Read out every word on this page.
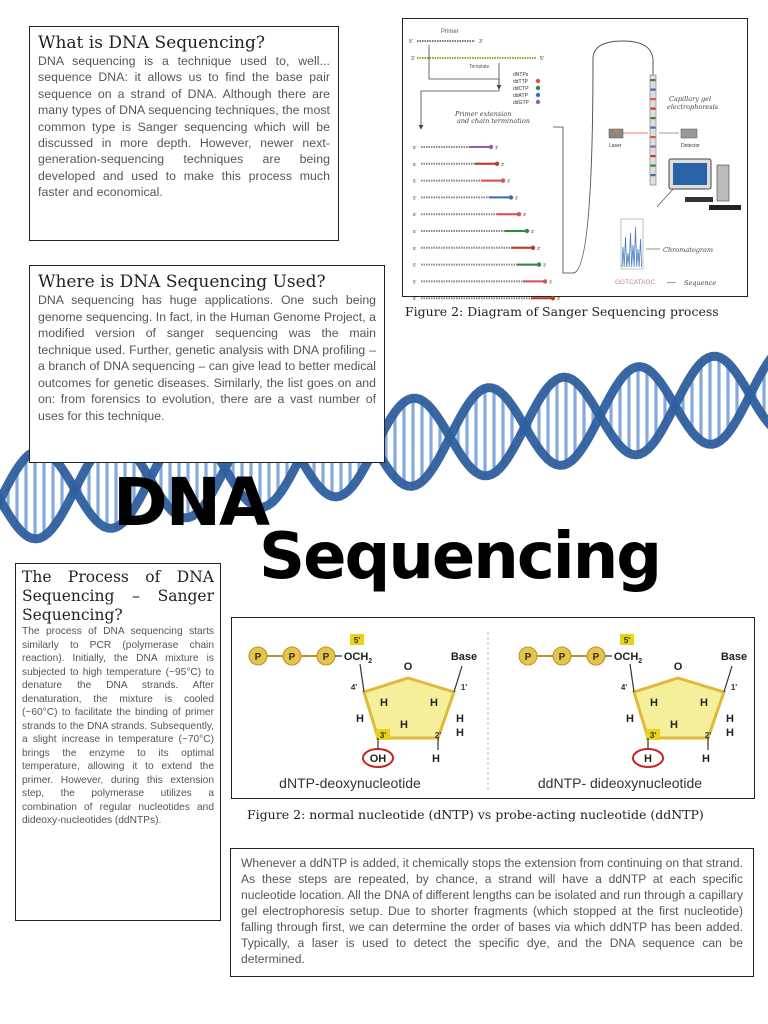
DNA
Sequencing
What is DNA Sequencing?

DNA sequencing is a technique used to, well... sequence DNA: it allows us to find the base pair sequence on a strand of DNA. Although there are many types of DNA sequencing techniques, the most common type is Sanger sequencing which will be discussed in more depth. However, newer next-generation-sequencing techniques are being developed and used to make this process much faster and economical.

Where is DNA Sequencing Used?

DNA sequencing has huge applications. One such being genome sequencing. In fact, in the Human Genome Project, a modified version of sanger sequencing was the main technique used. Further, genetic analysis with DNA profiling – a branch of DNA sequencing – can give lead to better medical outcomes for genetic diseases. Similarly, the list goes on and on: from forensics to evolution, there are a vast number of uses for this technique.

The Process of DNA Sequencing – Sanger Sequencing?

The process of DNA sequencing starts similarly to PCR (polymerase chain reaction). Initially, the DNA mixture is subjected to high temperature (~95°C) to denature the DNA strands. After denaturation, the mixture is cooled (~60°C) to facilitate the binding of primer strands to the DNA strands. Subsequently, a slight increase in temperature (~70°C) brings the enzyme to its optimal temperature, allowing it to extend the primer. However, during this extension step, the polymerase utilizes a combination of regular nucleotides and dideoxy-nucleotides (ddNTPs).

Whenever a ddNTP is added, it chemically stops the extension from continuing on that strand. As these steps are repeated, by chance, a strand will have a ddNTP at each specific nucleotide location. All the DNA of different lengths can be isolated and run through a capillary gel electrophoresis setup. Due to shorter fragments (which stopped at the first nucleotide) falling through first, we can determine the order of bases via which ddNTP has been added. Typically, a laser is used to detect the specific dye, and the DNA sequence can be determined.

Primer
5'	3'
3'	5'
Template
dNTPs
ddTTP
ddCTP
ddATP
ddGTP
Primer extension
and chain termination
5'	3'
5'	3'
5'	3'
5'	3'
5'	3'
5'	3'
5'	3'
5'	3'
5'	3'
5'	3'
Capillary gel
electrophoresis
Laser	Detector
Chromatogram
GGTCATAGC ⟵ Sequence
Figure 2: Diagram of Sanger Sequencing process
P	P	P $OCH_2$
5'
O
Base
4'	1'
H	H
H	H
3'	2'
H
H
H
OH
dNTP-deoxynucleotide
P	P	P $OCH_2$
5'
O
Base
4'	1'
H	H
H	H
3'	2'
H
H
H
H
ddNTP- dideoxynucleotide
Figure 2: normal nucleotide (dNTP) vs probe-acting nucleotide (ddNTP)
